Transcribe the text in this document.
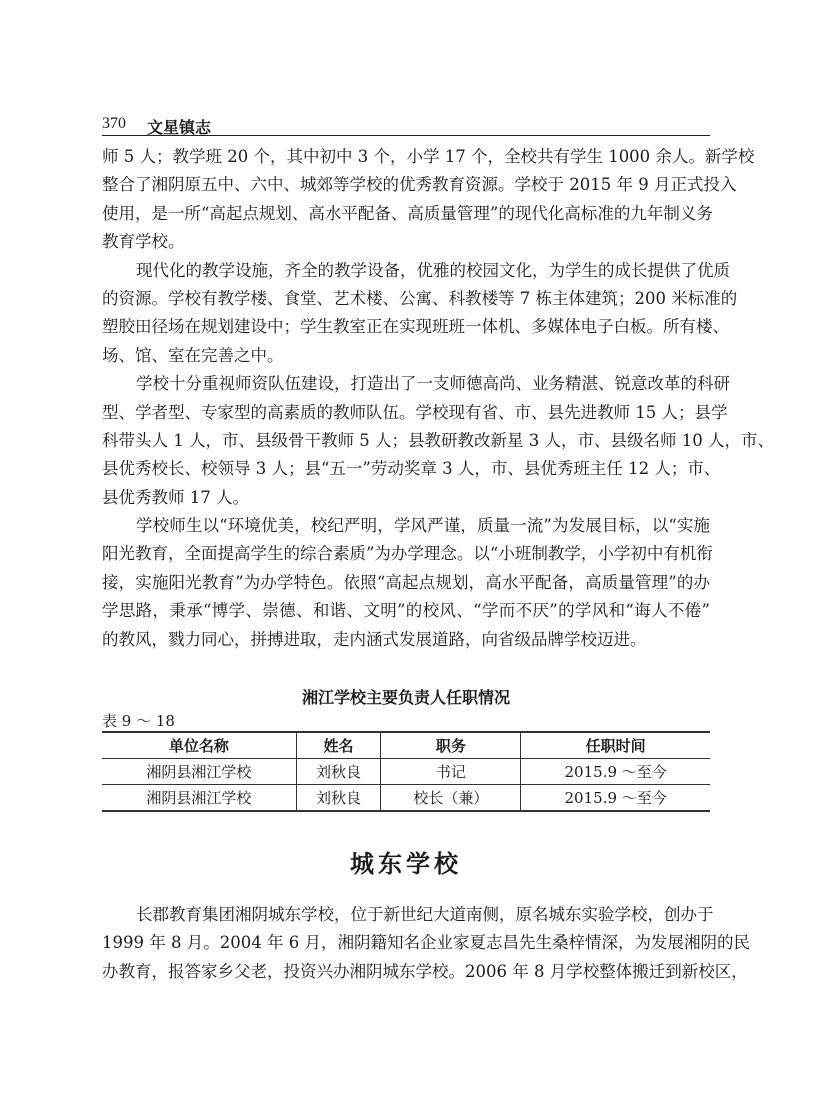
370 文星镇志
师 5 人；教学班 20 个，其中初中 3 个，小学 17 个，全校共有学生 1000 余人。新学校
整合了湘阴原五中、六中、城郊等学校的优秀教育资源。学校于 2015 年 9 月正式投入
使用，是一所“高起点规划、高水平配备、高质量管理”的现代化高标准的九年制义务
教育学校。
现代化的教学设施，齐全的教学设备，优雅的校园文化，为学生的成长提供了优质
的资源。学校有教学楼、食堂、艺术楼、公寓、科教楼等 7 栋主体建筑；200 米标准的
塑胶田径场在规划建设中；学生教室正在实现班班一体机、多媒体电子白板。所有楼、
场、馆、室在完善之中。
学校十分重视师资队伍建设，打造出了一支师德高尚、业务精湛、锐意改革的科研
型、学者型、专家型的高素质的教师队伍。学校现有省、市、县先进教师 15 人；县学
科带头人 1 人，市、县级骨干教师 5 人；县教研教改新星 3 人，市、县级名师 10 人，市、
县优秀校长、校领导 3 人；县“五一”劳动奖章 3 人，市、县优秀班主任 12 人；市、
县优秀教师 17 人。
学校师生以“环境优美，校纪严明，学风严谨，质量一流”为发展目标，以“实施
阳光教育，全面提高学生的综合素质”为办学理念。以“小班制教学，小学初中有机衔
接，实施阳光教育”为办学特色。依照“高起点规划，高水平配备，高质量管理”的办
学思路，秉承“博学、崇德、和谐、文明”的校风、“学而不厌”的学风和“诲人不倦”
的教风，戮力同心，拼搏进取，走内涵式发展道路，向省级品牌学校迈进。
湘江学校主要负责人任职情况
表 9 ～ 18
单位名称	姓名	职务	任职时间
湘阴县湘江学校	刘秋良	书记	2015.9 ～至今
湘阴县湘江学校	刘秋良	校长（兼）	2015.9 ～至今
城东学校
长郡教育集团湘阴城东学校，位于新世纪大道南侧，原名城东实验学校，创办于
1999 年 8 月。2004 年 6 月，湘阴籍知名企业家夏志昌先生桑梓情深，为发展湘阴的民
办教育，报答家乡父老，投资兴办湘阴城东学校。2006 年 8 月学校整体搬迁到新校区，
